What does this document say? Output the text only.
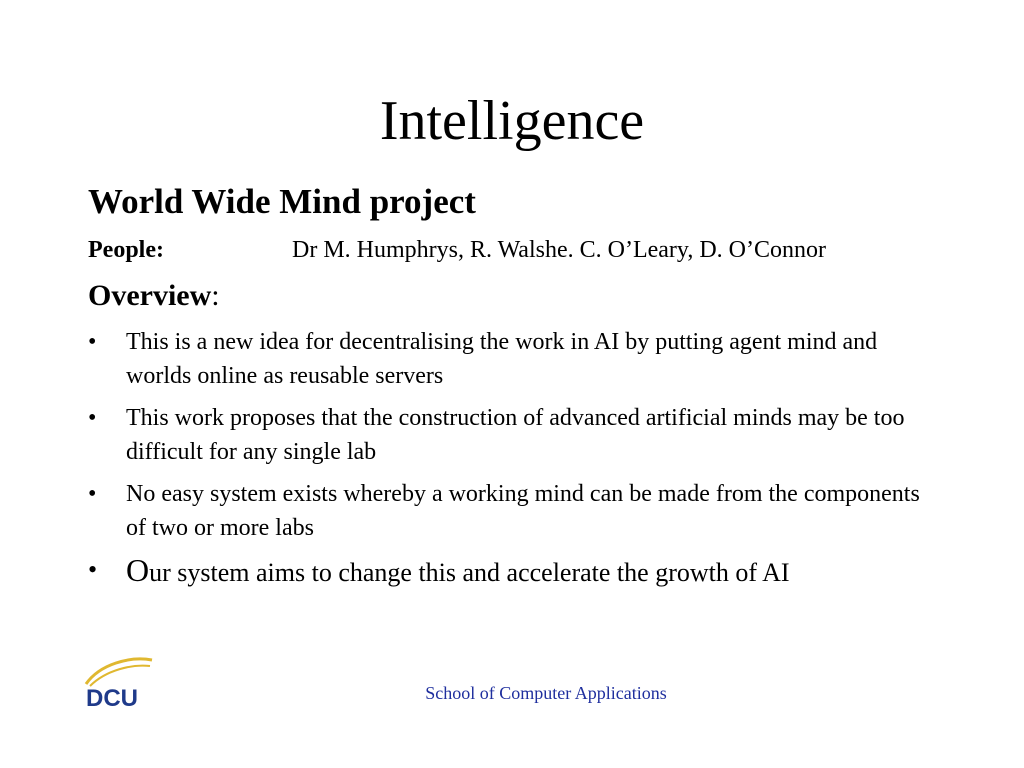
Intelligence
World Wide Mind project
People:	Dr M. Humphrys, R. Walshe. C. O’Leary, D. O’Connor
Overview:
• This is a new idea for decentralising the work in AI by putting agent mind and worlds online as reusable servers
• This work proposes that the construction of advanced artificial minds may be too difficult for any single lab
• No easy system exists whereby a working mind can be made from the components of two or more labs
• Our system aims to change this and accelerate the growth of AI
DCU	School of Computer Applications
